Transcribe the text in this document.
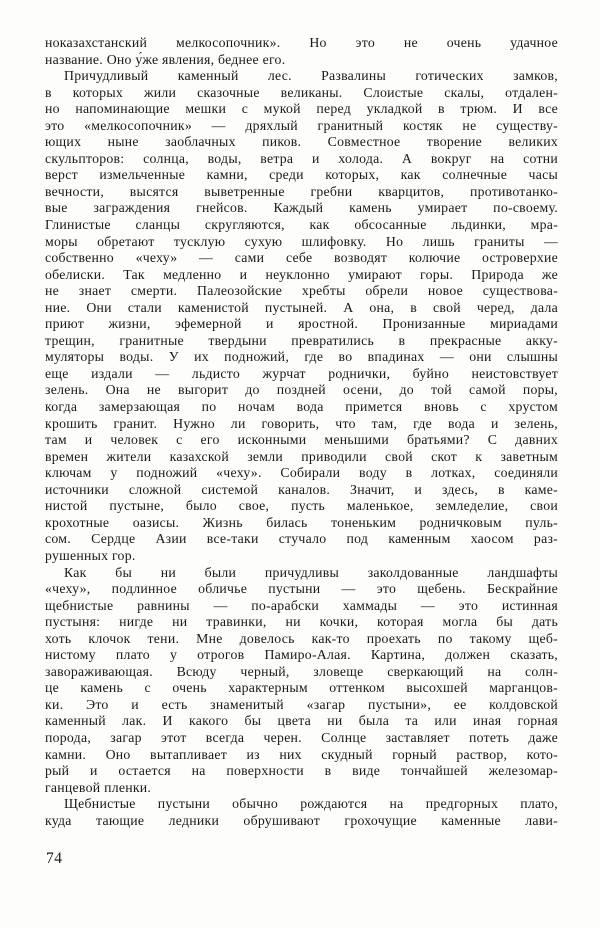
ноказахстанский мелкосопочник». Но это не очень удачное
название. Оно у́же явления, беднее его.
Причудливый каменный лес. Развалины готических замков,
в которых жили сказочные великаны. Слоистые скалы, отдален-
но напоминающие мешки с мукой перед укладкой в трюм. И все
это «мелкосопочник» — дряхлый гранитный костяк не существу-
ющих ныне заоблачных пиков. Совместное творение великих
скульпторов: солнца, воды, ветра и холода. А вокруг на сотни
верст измельченные камни, среди которых, как солнечные часы
вечности, высятся выветренные гребни кварцитов, противотанко-
вые заграждения гнейсов. Каждый камень умирает по-своему.
Глинистые сланцы скругляются, как обсосанные льдинки, мра-
моры обретают тусклую сухую шлифовку. Но лишь граниты —
собственно «чеху» — сами себе возводят колючие островерхие
обелиски. Так медленно и неуклонно умирают горы. Природа же
не знает смерти. Палеозойские хребты обрели новое существова-
ние. Они стали каменистой пустыней. А она, в свой черед, дала
приют жизни, эфемерной и яростной. Пронизанные мириадами
трещин, гранитные твердыни превратились в прекрасные акку-
муляторы воды. У их подножий, где во впадинах — они слышны
еще издали — льдисто журчат роднички, буйно неистовствует
зелень. Она не выгорит до поздней осени, до той самой поры,
когда замерзающая по ночам вода примется вновь с хрустом
крошить гранит. Нужно ли говорить, что там, где вода и зелень,
там и человек с его исконными меньшими братьями? С давних
времен жители казахской земли приводили свой скот к заветным
ключам у подножий «чеху». Собирали воду в лотках, соединяли
источники сложной системой каналов. Значит, и здесь, в каме-
нистой пустыне, было свое, пусть маленькое, земледелие, свои
крохотные оазисы. Жизнь билась тоненьким родничковым пуль-
сом. Сердце Азии все-таки стучало под каменным хаосом раз-
рушенных гор.
Как бы ни были причудливы заколдованные ландшафты
«чеху», подлинное обличье пустыни — это щебень. Бескрайние
щебнистые равнины — по-арабски хаммады — это истинная
пустыня: нигде ни травинки, ни кочки, которая могла бы дать
хоть клочок тени. Мне довелось как-то проехать по такому щеб-
нистому плато у отрогов Памиро-Алая. Картина, должен сказать,
завораживающая. Всюду черный, зловеще сверкающий на солн-
це камень с очень характерным оттенком высохшей марганцов-
ки. Это и есть знаменитый «загар пустыни», ее колдовской
каменный лак. И какого бы цвета ни была та или иная горная
порода, загар этот всегда черен. Солнце заставляет потеть даже
камни. Оно вытапливает из них скудный горный раствор, кото-
рый и остается на поверхности в виде тончайшей железомар-
ганцевой пленки.
Щебнистые пустыни обычно рождаются на предгорных плато,
куда тающие ледники обрушивают грохочущие каменные лави-
74
